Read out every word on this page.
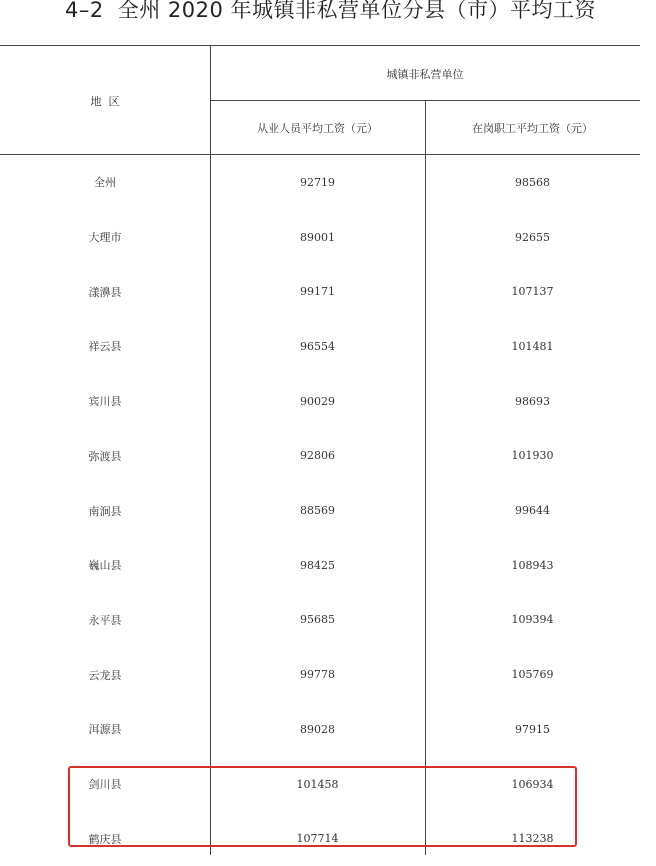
4–2 全州 2020 年城镇非私营单位分县（市）平均工资
地  区
城镇非私营单位
从业人员平均工资（元）	在岗职工平均工资（元）
全州	92719	98568
大理市	89001	92655
漾濞县	99171	107137
祥云县	96554	101481
宾川县	90029	98693
弥渡县	92806	101930
南涧县	88569	99644
巍山县	98425	108943
永平县	95685	109394
云龙县	99778	105769
洱源县	89028	97915
剑川县	101458	106934
鹤庆县	107714	113238
